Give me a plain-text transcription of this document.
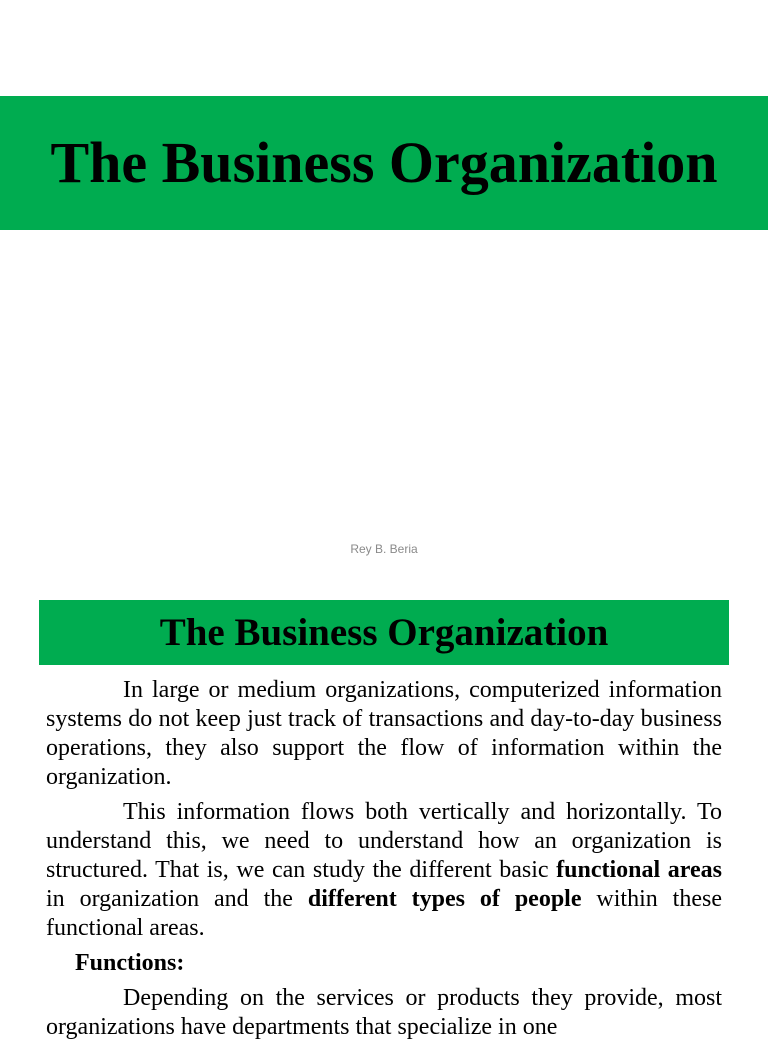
The Business Organization
Rey B. Beria
The Business Organization

In large or medium organizations, computerized information systems do not keep just track of transactions and day-to-day business operations, they also support the flow of information within the organization.

This information flows both vertically and horizontally. To understand this, we need to understand how an organization is structured. That is, we can study the different basic functional areas in organization and the different types of people within these functional areas.

Functions:

Depending on the services or products they provide, most organizations have departments that specialize in one
